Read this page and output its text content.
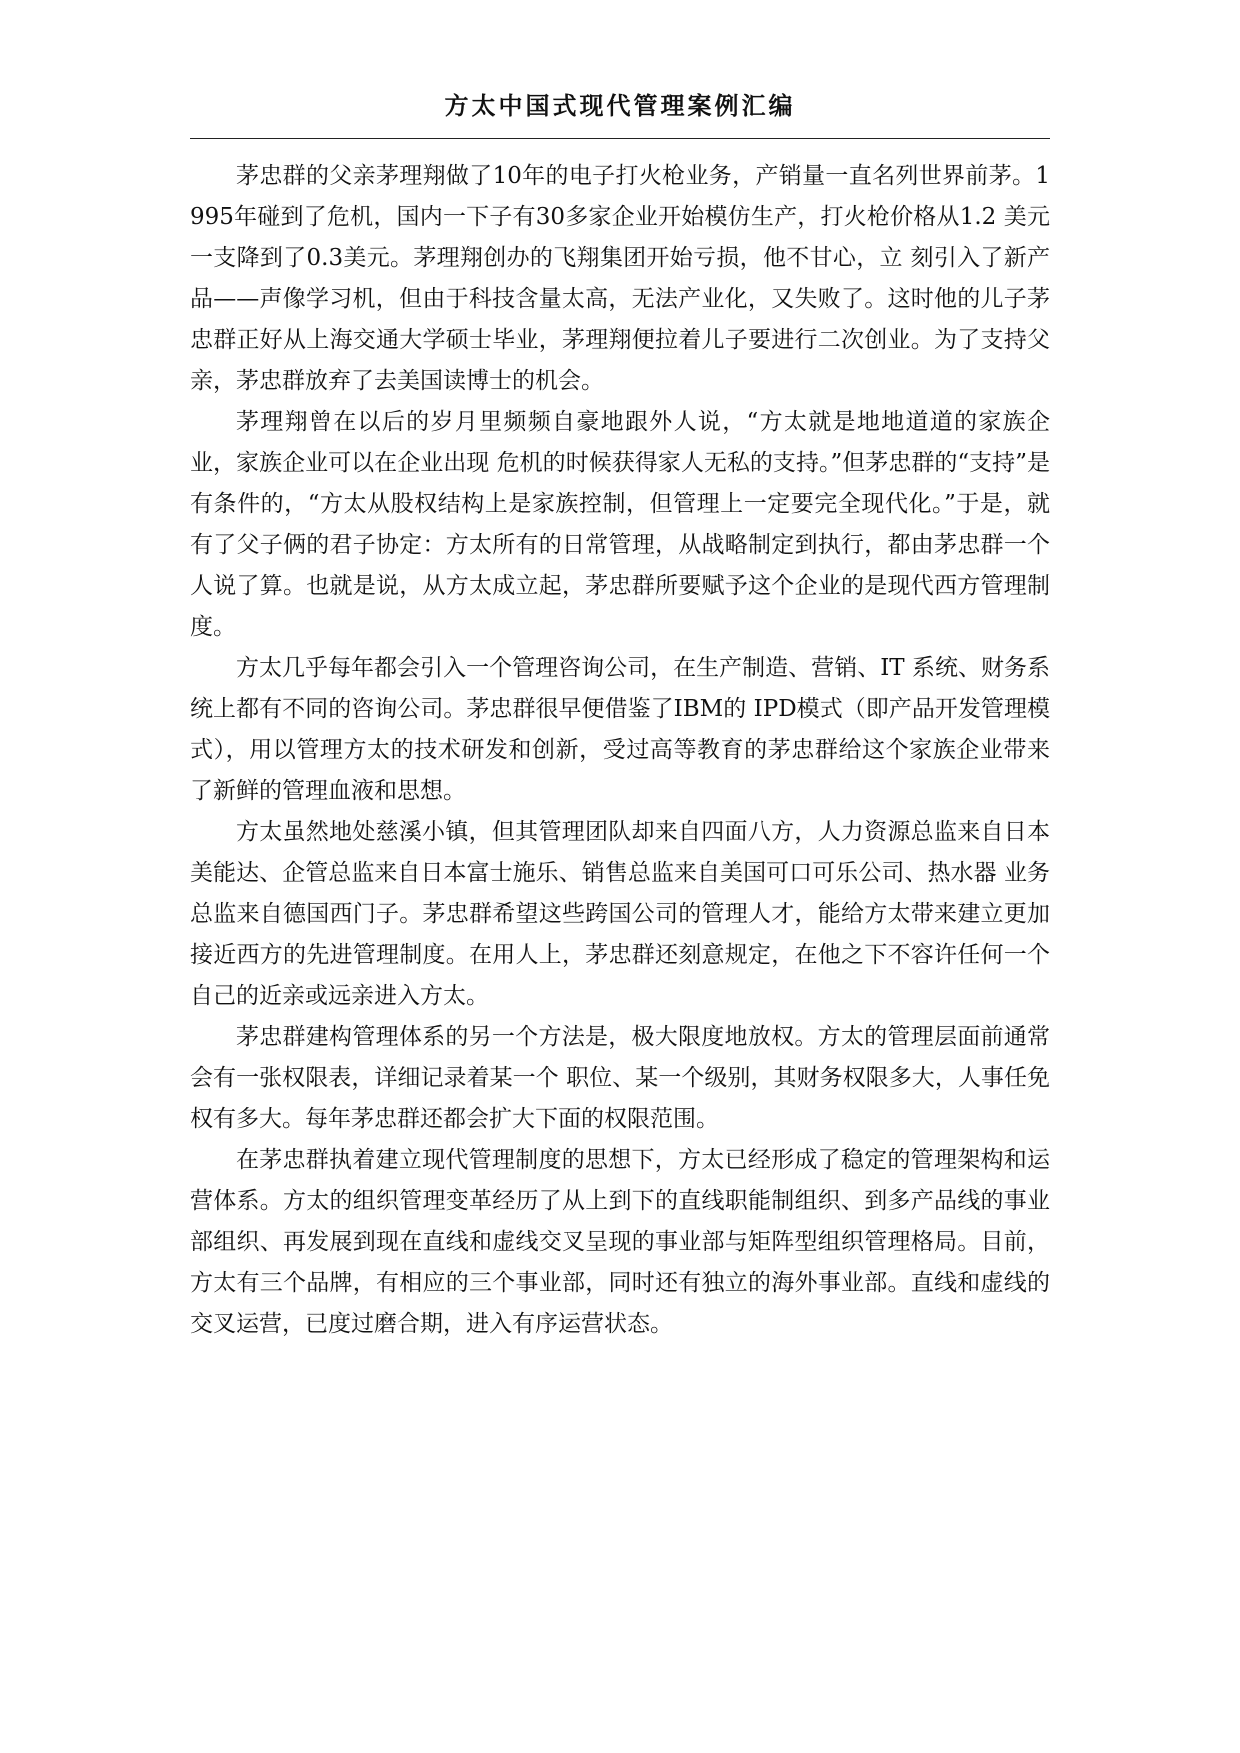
方太中国式现代管理案例汇编

茅忠群的父亲茅理翔做了10年的电子打火枪业务，产销量一直名列世界前茅。1995年碰到了危机，国内一下子有30多家企业开始模仿生产，打火枪价格从1.2 美元一支降到了0.3美元。茅理翔创办的飞翔集团开始亏损，他不甘心，立 刻引入了新产品——声像学习机，但由于科技含量太高，无法产业化，又失败了。这时他的儿子茅忠群正好从上海交通大学硕士毕业，茅理翔便拉着儿子要进行二次创业。为了支持父亲，茅忠群放弃了去美国读博士的机会。

茅理翔曾在以后的岁月里频频自豪地跟外人说，“方太就是地地道道的家族企业，家族企业可以在企业出现 危机的时候获得家人无私的支持。”但茅忠群的“支持”是有条件的，“方太从股权结构上是家族控制，但管理上一定要完全现代化。”于是，就有了父子俩的君子协定：方太所有的日常管理，从战略制定到执行，都由茅忠群一个人说了算。也就是说，从方太成立起，茅忠群所要赋予这个企业的是现代西方管理制度。

方太几乎每年都会引入一个管理咨询公司，在生产制造、营销、IT 系统、财务系统上都有不同的咨询公司。茅忠群很早便借鉴了IBM的 IPD模式（即产品开发管理模式），用以管理方太的技术研发和创新，受过高等教育的茅忠群给这个家族企业带来了新鲜的管理血液和思想。

方太虽然地处慈溪小镇，但其管理团队却来自四面八方，人力资源总监来自日本美能达、企管总监来自日本富士施乐、销售总监来自美国可口可乐公司、热水器 业务总监来自德国西门子。茅忠群希望这些跨国公司的管理人才，能给方太带来建立更加接近西方的先进管理制度。在用人上，茅忠群还刻意规定，在他之下不容许任何一个自己的近亲或远亲进入方太。

茅忠群建构管理体系的另一个方法是，极大限度地放权。方太的管理层面前通常会有一张权限表，详细记录着某一个 职位、某一个级别，其财务权限多大，人事任免权有多大。每年茅忠群还都会扩大下面的权限范围。

在茅忠群执着建立现代管理制度的思想下，方太已经形成了稳定的管理架构和运营体系。方太的组织管理变革经历了从上到下的直线职能制组织、到多产品线的事业部组织、再发展到现在直线和虚线交叉呈现的事业部与矩阵型组织管理格局。目前，方太有三个品牌，有相应的三个事业部，同时还有独立的海外事业部。直线和虚线的交叉运营，已度过磨合期，进入有序运营状态。
